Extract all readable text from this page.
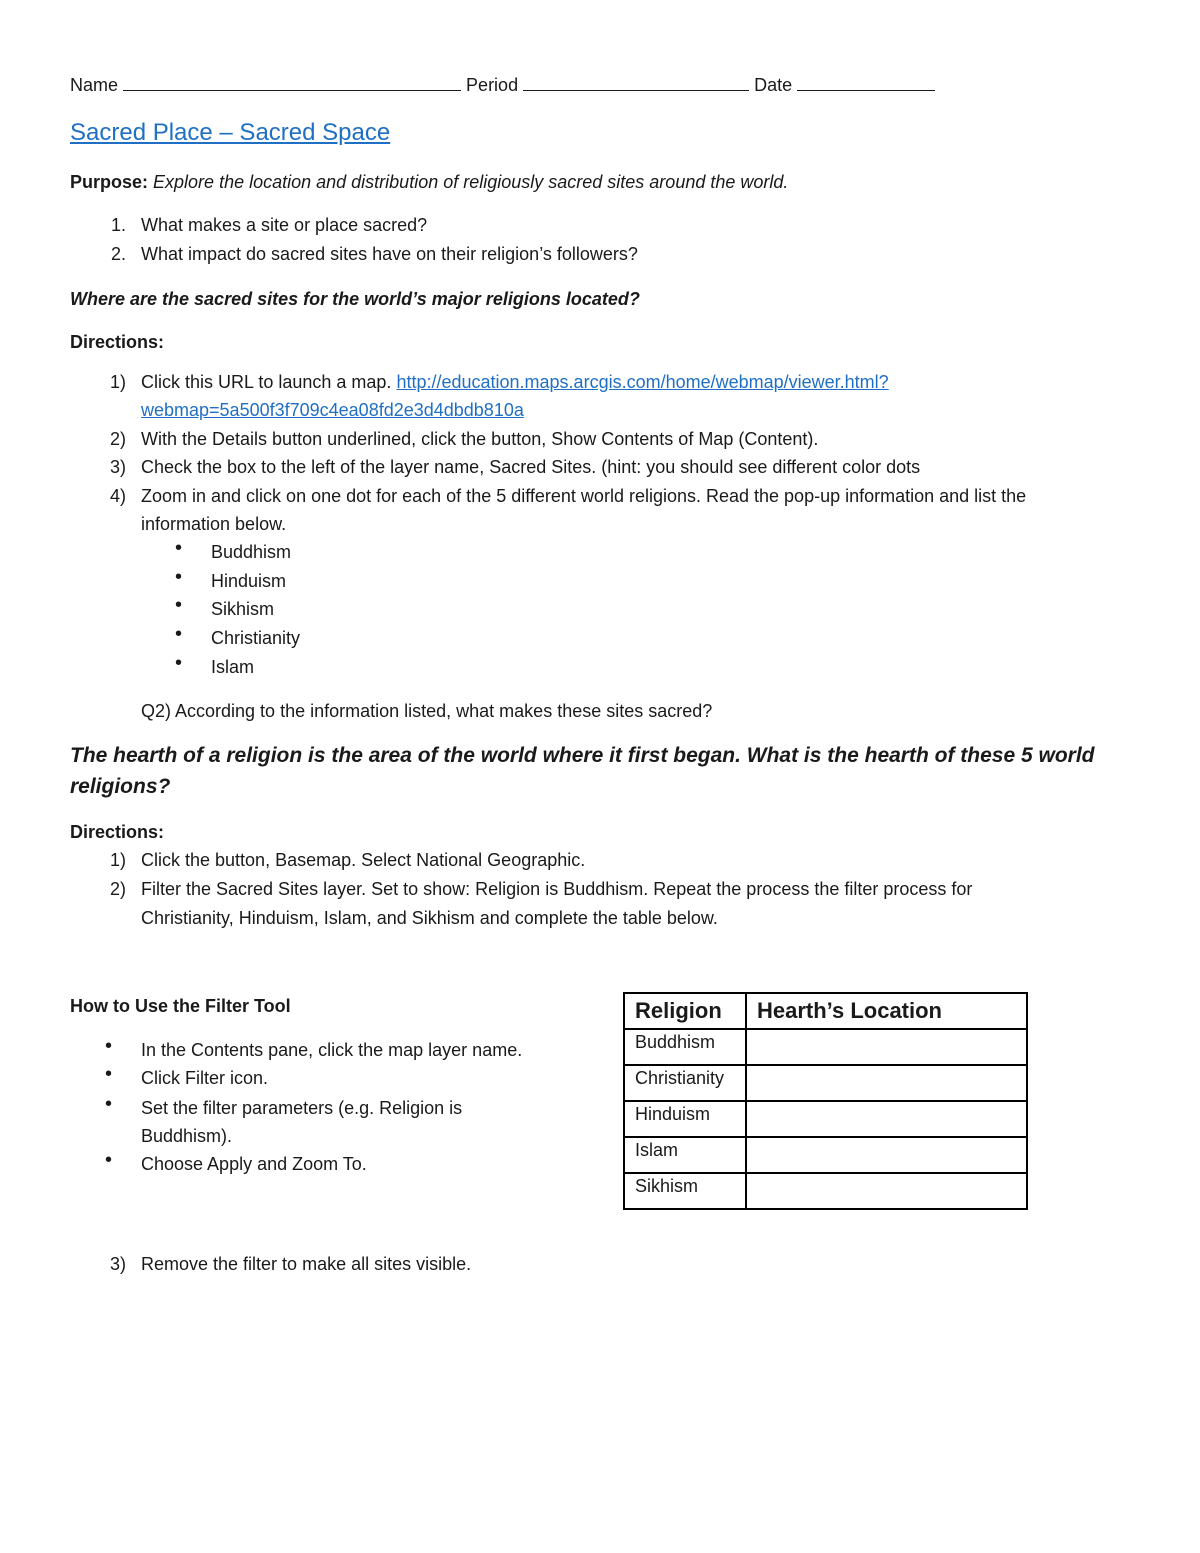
Name	Period	Date
Sacred Place – Sacred Space
Purpose: Explore the location and distribution of religiously sacred sites around the world.
1. What makes a site or place sacred?
2. What impact do sacred sites have on their religion’s followers?
Where are the sacred sites for the world’s major religions located?
Directions:
1) Click this URL to launch a map. http://education.maps.arcgis.com/home/webmap/viewer.html?
webmap=5a500f3f709c4ea08fd2e3d4dbdb810a
2) With the Details button underlined, click the button, Show Contents of Map (Content).
3) Check the box to the left of the layer name, Sacred Sites. (hint: you should see different color dots
4) Zoom in and click on one dot for each of the 5 different world religions. Read the pop-up information and list the
information below.
• Buddhism
• Hinduism
• Sikhism
• Christianity
• Islam
Q2) According to the information listed, what makes these sites sacred?
The hearth of a religion is the area of the world where it first began. What is the hearth of these 5 world religions?
Directions:
1) Click the button, Basemap. Select National Geographic.
2) Filter the Sacred Sites layer. Set to show: Religion is Buddhism. Repeat the process the filter process for
Christianity, Hinduism, Islam, and Sikhism and complete the table below.
How to Use the Filter Tool
• In the Contents pane, click the map layer name.
• Click Filter icon.
• Set the filter parameters (e.g. Religion is
Buddhism).
• Choose Apply and Zoom To.
Religion	Hearth’s Location
Buddhism	
Christianity	
Hinduism	
Islam	
Sikhism	
3) Remove the filter to make all sites visible.
